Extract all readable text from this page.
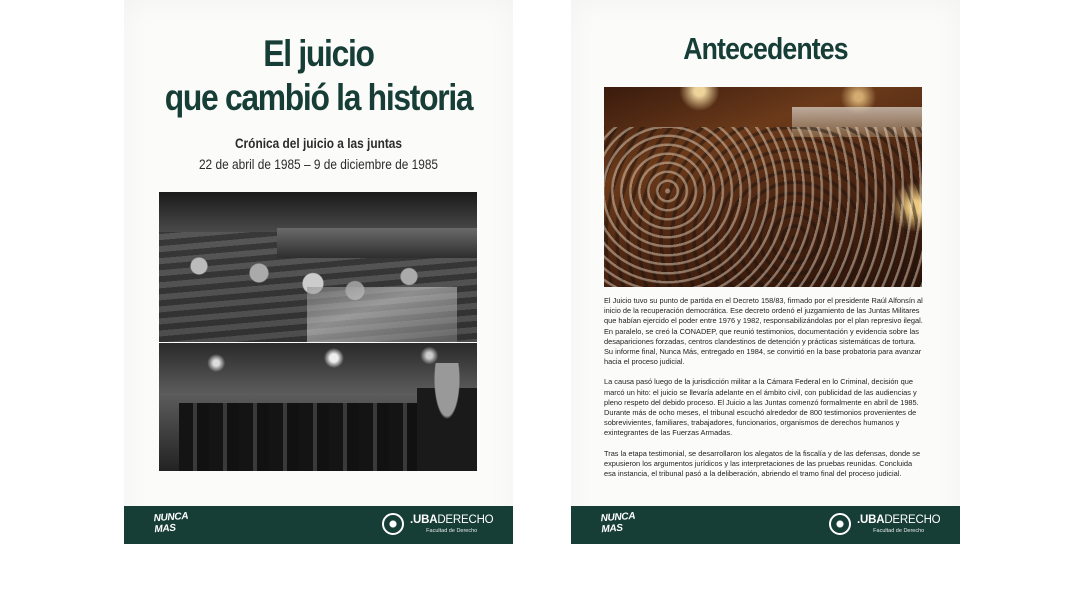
El juicio
que cambió la historia
Crónica del juicio a las juntas
22 de abril de 1985 – 9 de diciembre de 1985
NUNCA
MAS
.UBADERECHO
Facultad de Derecho
Antecedentes

El Juicio tuvo su punto de partida en el Decreto 158/83, firmado por el presidente Raúl Alfonsín al inicio de la recuperación democrática. Ese decreto ordenó el juzgamiento de las Juntas Militares que habían ejercido el poder entre 1976 y 1982, responsabilizándolas por el plan represivo ilegal. En paralelo, se creó la CONADEP, que reunió testimonios, documentación y evidencia sobre las desapariciones forzadas, centros clandestinos de detención y prácticas sistemáticas de tortura. Su informe final, Nunca Más, entregado en 1984, se convirtió en la base probatoria para avanzar hacia el proceso judicial.

La causa pasó luego de la jurisdicción militar a la Cámara Federal en lo Criminal, decisión que marcó un hito: el juicio se llevaría adelante en el ámbito civil, con publicidad de las audiencias y pleno respeto del debido proceso. El Juicio a las Juntas comenzó formalmente en abril de 1985. Durante más de ocho meses, el tribunal escuchó alrededor de 800 testimonios provenientes de sobrevivientes, familiares, trabajadores, funcionarios, organismos de derechos humanos y exintegrantes de las Fuerzas Armadas.

Tras la etapa testimonial, se desarrollaron los alegatos de la fiscalía y de las defensas, donde se expusieron los argumentos jurídicos y las interpretaciones de las pruebas reunidas. Concluida esa instancia, el tribunal pasó a la deliberación, abriendo el tramo final del proceso judicial.

NUNCA
MAS
.UBADERECHO
Facultad de Derecho
